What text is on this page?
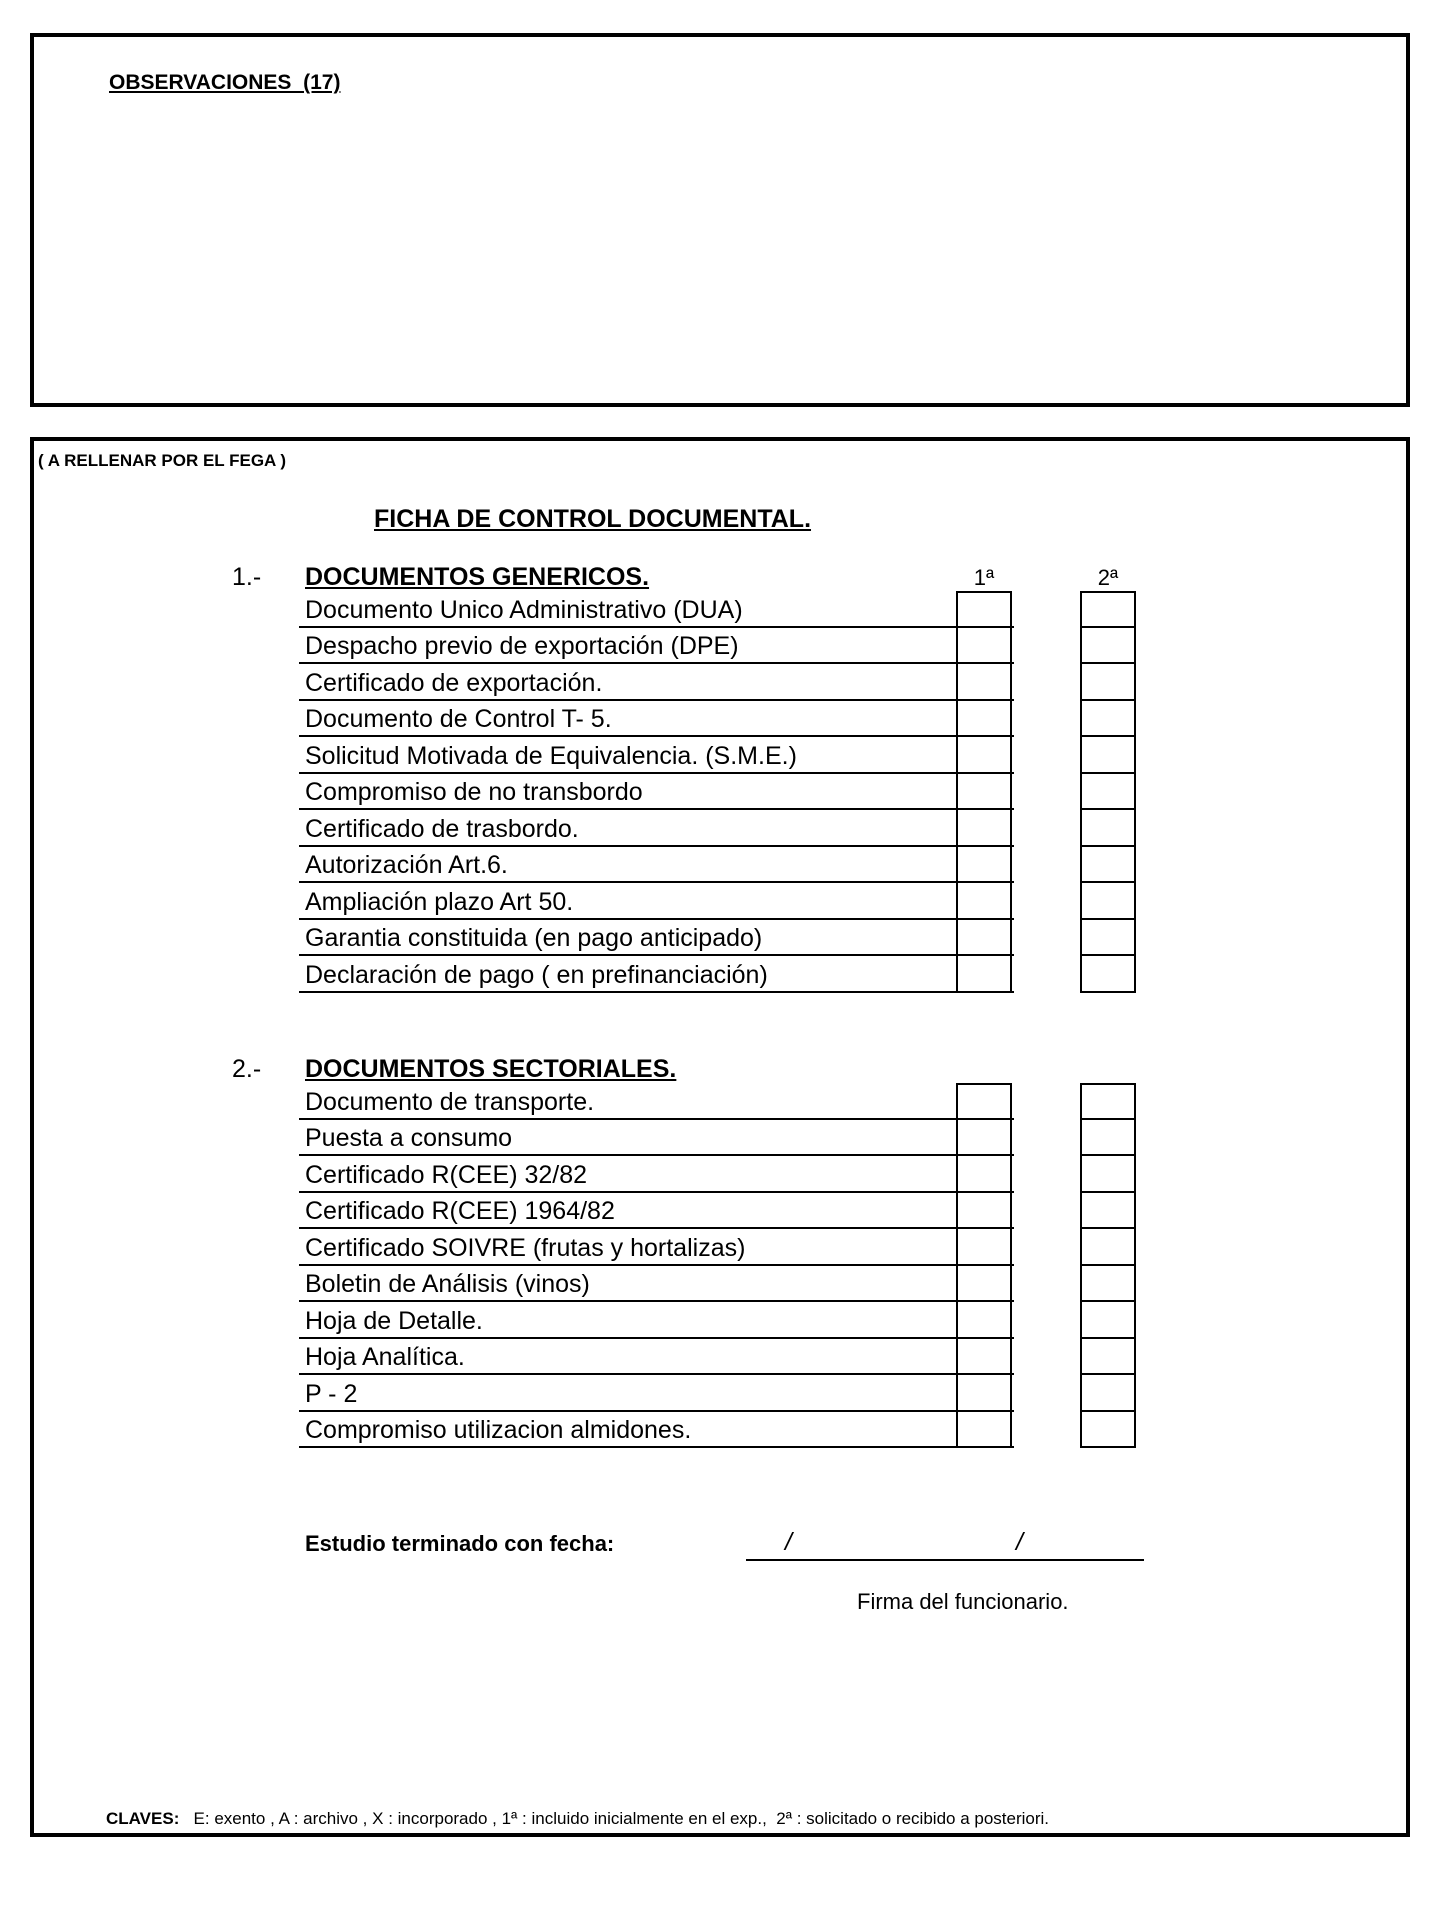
OBSERVACIONES  (17)
( A RELLENAR POR EL FEGA )
FICHA DE CONTROL DOCUMENTAL.
1.- DOCUMENTOS GENERICOS.	1ª	2ª
Documento Unico Administrativo (DUA)
Despacho previo de exportación (DPE)
Certificado de exportación.
Documento de Control T- 5.
Solicitud Motivada de Equivalencia. (S.M.E.)
Compromiso de no transbordo
Certificado de trasbordo.
Autorización Art.6.
Ampliación plazo Art 50.
Garantia constituida (en pago anticipado)
Declaración de pago ( en prefinanciación)
2.- DOCUMENTOS SECTORIALES.
Documento de transporte.
Puesta a consumo
Certificado R(CEE) 32/82
Certificado R(CEE) 1964/82
Certificado SOIVRE (frutas y hortalizas)
Boletin de Análisis (vinos)
Hoja de Detalle.
Hoja Analítica.
P - 2
Compromiso utilizacion almidones.
Estudio terminado con fecha:	/	/
Firma del funcionario.
CLAVES: E: exento , A : archivo , X : incorporado , 1ª : incluido inicialmente en el exp.,  2ª : solicitado o recibido a posteriori.
